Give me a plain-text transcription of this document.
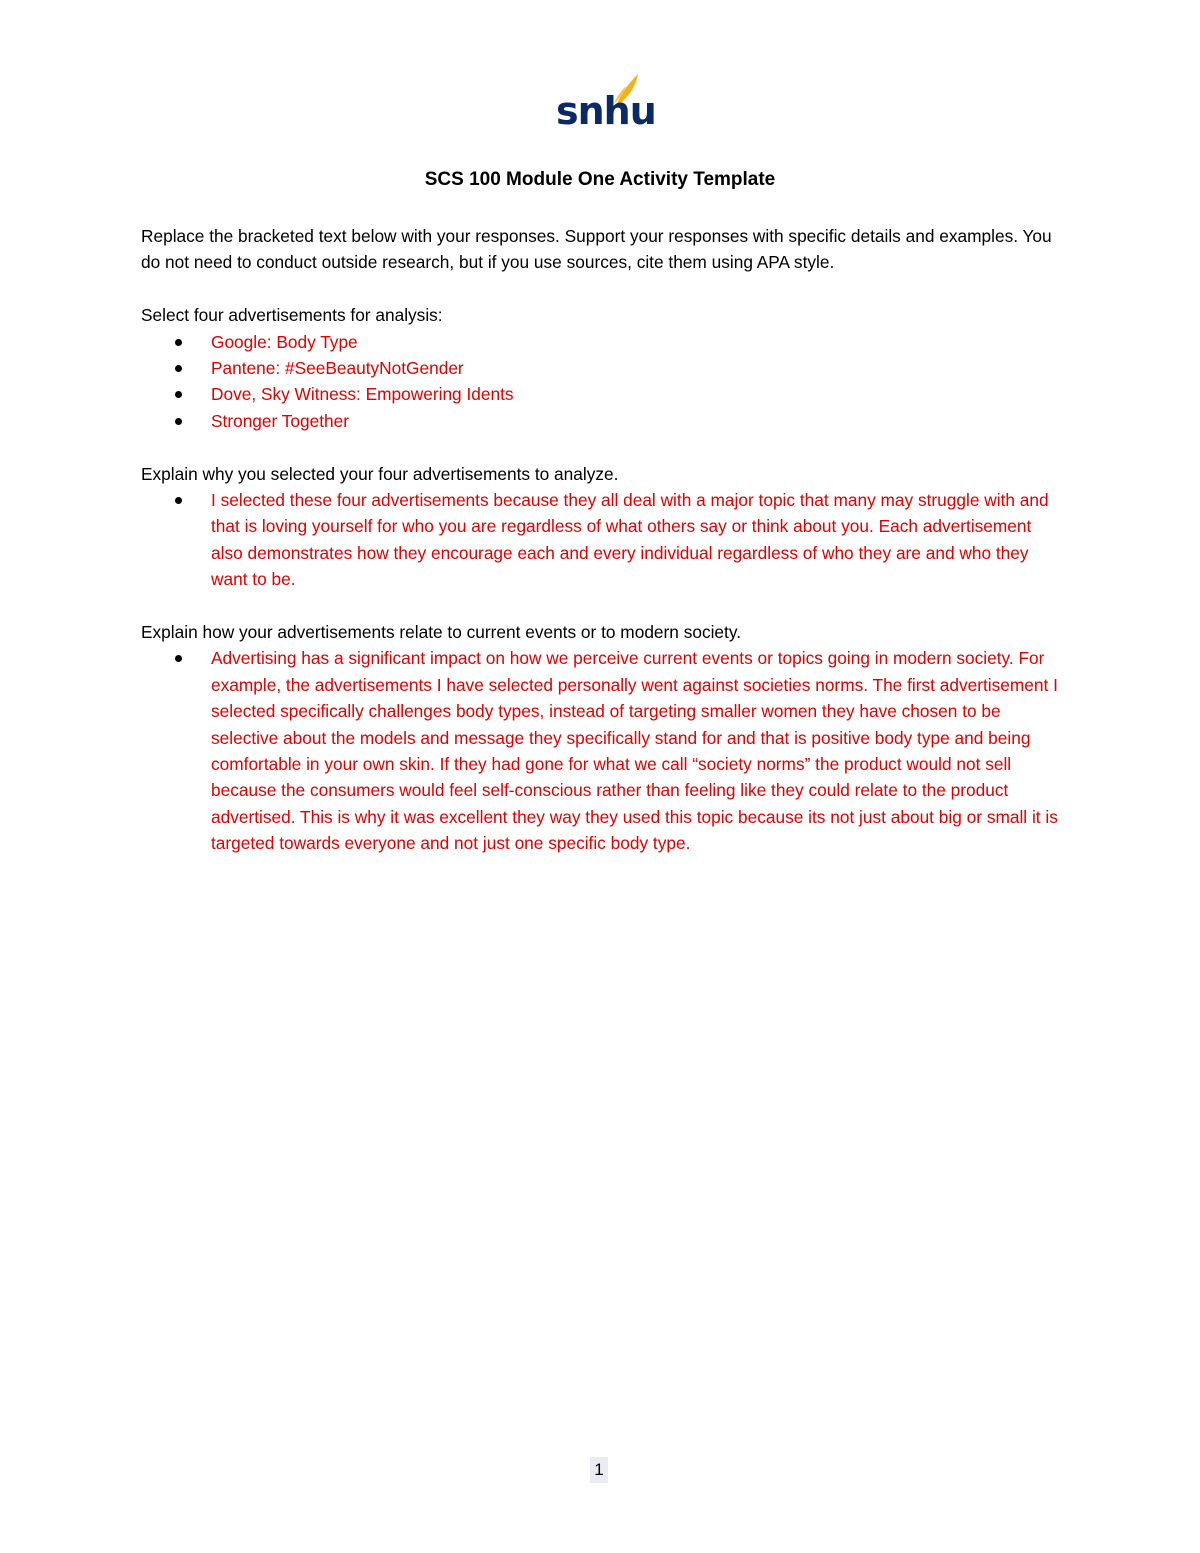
snhu
SCS 100 Module One Activity Template

Replace the bracketed text below with your responses. Support your responses with specific details and examples. You do not need to conduct outside research, but if you use sources, cite them using APA style.

Select four advertisements for analysis:

Google: Body Type
Pantene: #SeeBeautyNotGender
Dove, Sky Witness: Empowering Idents
Stronger Together

Explain why you selected your four advertisements to analyze.

I selected these four advertisements because they all deal with a major topic that many may struggle with and that is loving yourself for who you are regardless of what others say or think about you. Each advertisement also demonstrates how they encourage each and every individual regardless of who they are and who they want to be.

Explain how your advertisements relate to current events or to modern society.

Advertising has a significant impact on how we perceive current events or topics going in modern society. For example, the advertisements I have selected personally went against societies norms. The first advertisement I selected specifically challenges body types, instead of targeting smaller women they have chosen to be selective about the models and message they specifically stand for and that is positive body type and being comfortable in your own skin. If they had gone for what we call “society norms” the product would not sell because the consumers would feel self-conscious rather than feeling like they could relate to the product advertised. This is why it was excellent they way they used this topic because its not just about big or small it is targeted towards everyone and not just one specific body type.
1
